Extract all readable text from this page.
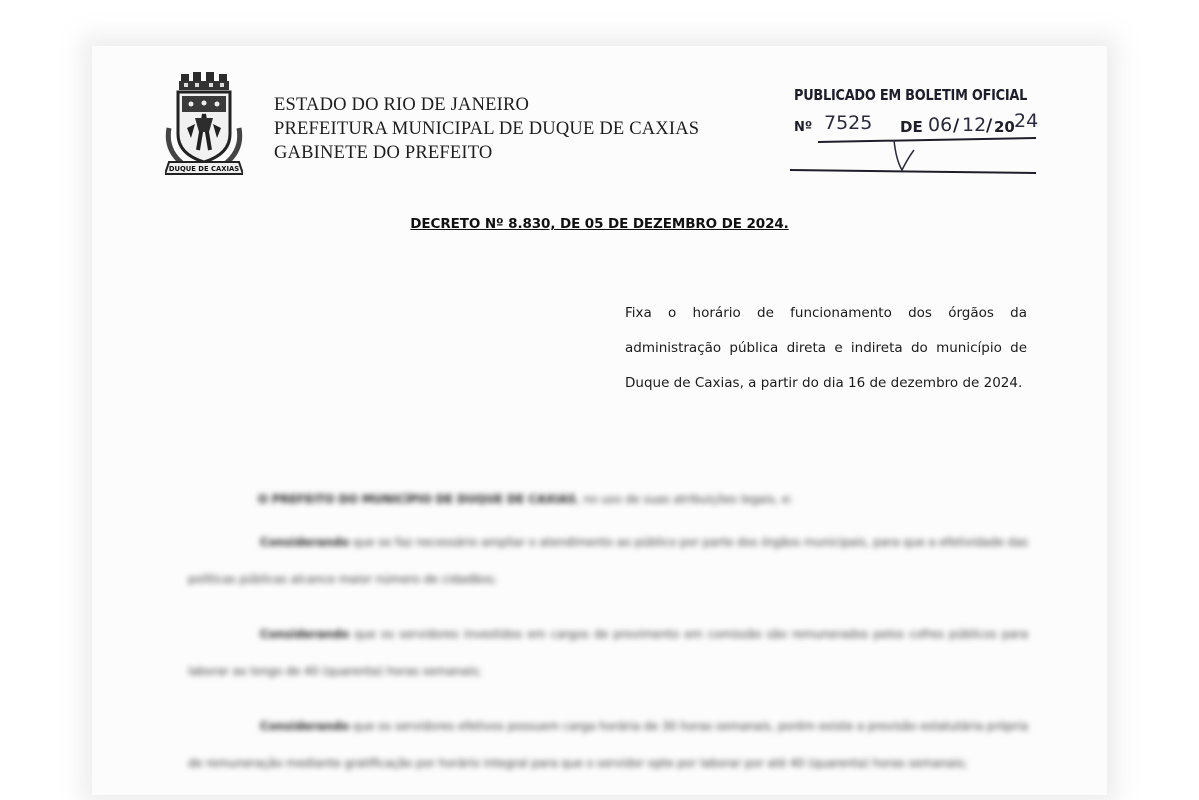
DUQUE DE CAXIAS
ESTADO DO RIO DE JANEIRO
PREFEITURA MUNICIPAL DE DUQUE DE CAXIAS
GABINETE DO PREFEITO
PUBLICADO EM BOLETIM OFICIAL
Nº 7525 DE 06 / 12 / 20 24
DECRETO Nº 8.830, DE 05 DE DEZEMBRO DE 2024.
Fixa o horário de funcionamento dos órgãos da administração pública direta e indireta do município de Duque de Caxias, a partir do dia 16 de dezembro de 2024.

O PREFEITO DO MUNICÍPIO DE DUQUE DE CAXIAS, no uso de suas atribuições legais, e:

Considerando que se faz necessário ampliar o atendimento ao público por parte dos órgãos municipais, para que a efetividade das políticas públicas alcance maior número de cidadãos;

Considerando que os servidores investidos em cargos de provimento em comissão são remunerados pelos cofres públicos para laborar ao longo de 40 (quarenta) horas semanais;

Considerando que os servidores efetivos possuem carga horária de 30 horas semanais, porém existe a previsão estatutária própria de remuneração mediante gratificação por horário integral para que o servidor opte por laborar por até 40 (quarenta) horas semanais;
